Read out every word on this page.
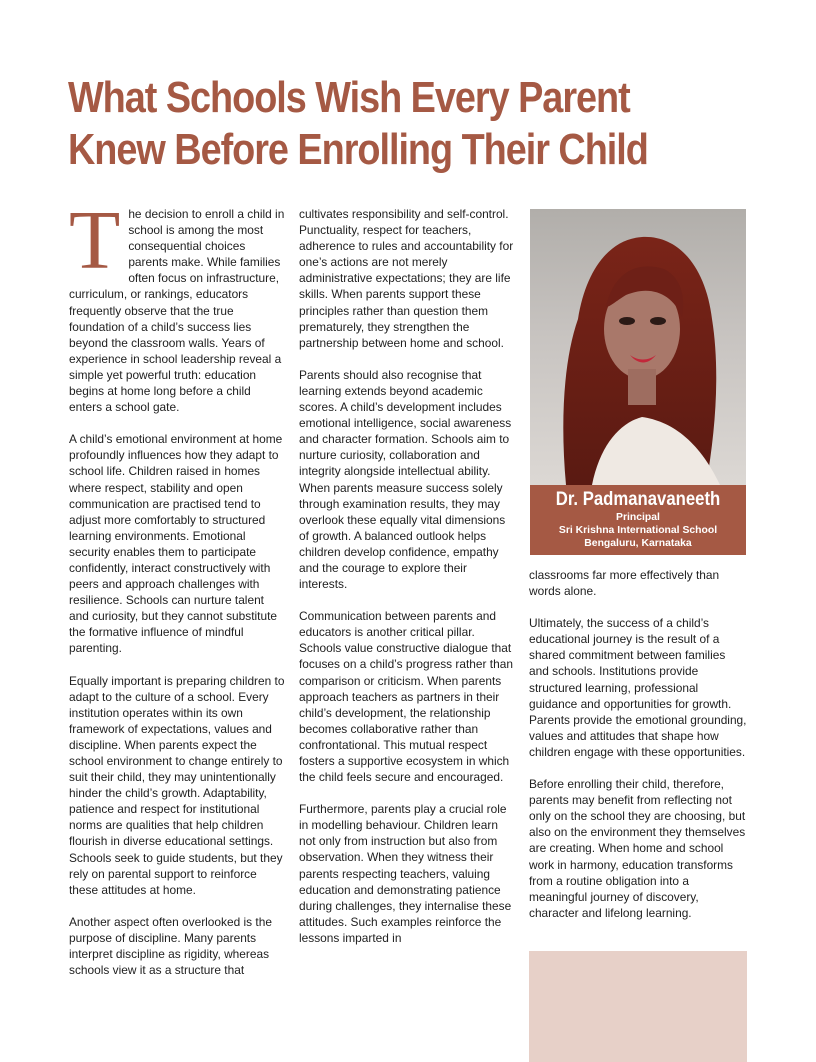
What Schools Wish Every Parent
Knew Before Enrolling Their Child

The decision to enroll a child in school is among the most consequential choices parents make. While families often focus on infrastructure, curriculum, or rankings, educators frequently observe that the true foundation of a child’s success lies beyond the classroom walls. Years of experience in school leadership reveal a simple yet powerful truth: education begins at home long before a child enters a school gate.

A child’s emotional environment at home profoundly influences how they adapt to school life. Children raised in homes where respect, stability and open communication are practised tend to adjust more comfortably to structured learning environments. Emotional security enables them to participate confidently, interact constructively with peers and approach challenges with resilience. Schools can nurture talent and curiosity, but they cannot substitute the formative influence of mindful parenting.

Equally important is preparing children to adapt to the culture of a school. Every institution operates within its own framework of expectations, values and discipline. When parents expect the school environment to change entirely to suit their child, they may unintentionally hinder the child’s growth. Adaptability, patience and respect for institutional norms are qualities that help children flourish in diverse educational settings. Schools seek to guide students, but they rely on parental support to reinforce these attitudes at home.

Another aspect often overlooked is the purpose of discipline. Many parents interpret discipline as rigidity, whereas schools view it as a structure that

cultivates responsibility and self-control. Punctuality, respect for teachers, adherence to rules and accountability for one’s actions are not merely administrative expectations; they are life skills. When parents support these principles rather than question them prematurely, they strengthen the partnership between home and school.

Parents should also recognise that learning extends beyond academic scores. A child’s development includes emotional intelligence, social awareness and character formation. Schools aim to nurture curiosity, collaboration and integrity alongside intellectual ability. When parents measure success solely through examination results, they may overlook these equally vital dimensions of growth. A balanced outlook helps children develop confidence, empathy and the courage to explore their interests.

Communication between parents and educators is another critical pillar. Schools value constructive dialogue that focuses on a child’s progress rather than comparison or criticism. When parents approach teachers as partners in their child’s development, the relationship becomes collaborative rather than confrontational. This mutual respect fosters a supportive ecosystem in which the child feels secure and encouraged.

Furthermore, parents play a crucial role in modelling behaviour. Children learn not only from instruction but also from observation. When they witness their parents respecting teachers, valuing education and demonstrating patience during challenges, they internalise these attitudes. Such examples reinforce the lessons imparted in

Dr. Padmanavaneeth
Principal
Sri Krishna International School
Bengaluru, Karnataka

classrooms far more effectively than words alone.

Ultimately, the success of a child’s educational journey is the result of a shared commitment between families and schools. Institutions provide structured learning, professional guidance and opportunities for growth. Parents provide the emotional grounding, values and attitudes that shape how children engage with these opportunities.

Before enrolling their child, therefore, parents may benefit from reflecting not only on the school they are choosing, but also on the environment they themselves are creating. When home and school work in harmony, education transforms from a routine obligation into a meaningful journey of discovery, character and lifelong learning.
